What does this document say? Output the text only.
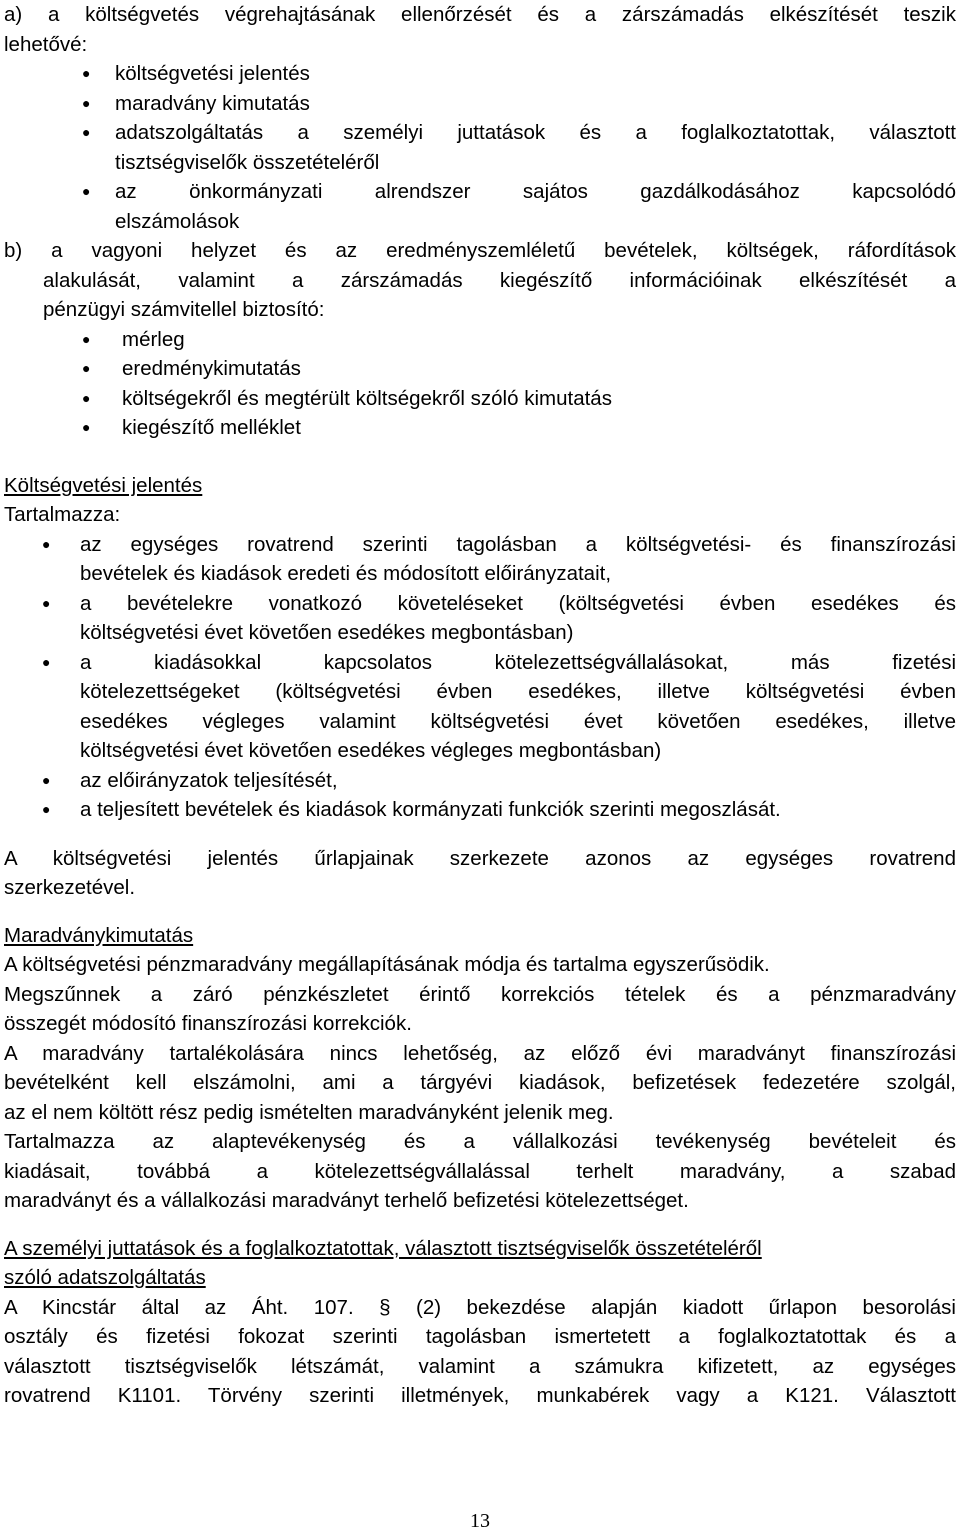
a) a költségvetés végrehajtásának ellenőrzését és a zárszámadás elkészítését teszik
lehetővé:

● költségvetési jelentés

● maradvány kimutatás

● adatszolgáltatás a személyi juttatások és a foglalkoztatottak, választott
tisztségviselők összetételéről

● az önkormányzati alrendszer sajátos gazdálkodásához kapcsolódó
elszámolások

b) a vagyoni helyzet és az eredményszemléletű bevételek, költségek, ráfordítások
alakulását, valamint a zárszámadás kiegészítő információinak elkészítését a
pénzügyi számvitellel biztosító:

● mérleg

● eredménykimutatás

● költségekről és megtérült költségekről szóló kimutatás

● kiegészítő melléklet

Költségvetési jelentés

Tartalmazza:

● az egységes rovatrend szerinti tagolásban a költségvetési- és finanszírozási
bevételek és kiadások eredeti és módosított előirányzatait,

● a bevételekre vonatkozó követeléseket (költségvetési évben esedékes és
költségvetési évet követően esedékes megbontásban)

● a kiadásokkal kapcsolatos kötelezettségvállalásokat, más fizetési
kötelezettségeket (költségvetési évben esedékes, illetve költségvetési évben
esedékes végleges valamint költségvetési évet követően esedékes, illetve
költségvetési évet követően esedékes végleges megbontásban)

● az előirányzatok teljesítését,

● a teljesített bevételek és kiadások kormányzati funkciók szerinti megoszlását.

A költségvetési jelentés űrlapjainak szerkezete azonos az egységes rovatrend
szerkezetével.

Maradványkimutatás

A költségvetési pénzmaradvány megállapításának módja és tartalma egyszerűsödik.
Megszűnnek a záró pénzkészletet érintő korrekciós tételek és a pénzmaradvány
összegét módosító finanszírozási korrekciók.

A maradvány tartalékolására nincs lehetőség, az előző évi maradványt finanszírozási
bevételként kell elszámolni, ami a tárgyévi kiadások, befizetések fedezetére szolgál,
az el nem költött rész pedig ismételten maradványként jelenik meg.

Tartalmazza az alaptevékenység és a vállalkozási tevékenység bevételeit és
kiadásait, továbbá a kötelezettségvállalással terhelt maradvány, a szabad
maradványt és a vállalkozási maradványt terhelő befizetési kötelezettséget.

A személyi juttatások és a foglalkoztatottak, választott tisztségviselők összetételéről
szóló adatszolgáltatás

A Kincstár által az Áht. 107. § (2) bekezdése alapján kiadott űrlapon besorolási
osztály és fizetési fokozat szerinti tagolásban ismertetett a foglalkoztatottak és a
választott tisztségviselők létszámát, valamint a számukra kifizetett, az egységes
rovatrend K1101. Törvény szerinti illetmények, munkabérek vagy a K121. Választott

13
